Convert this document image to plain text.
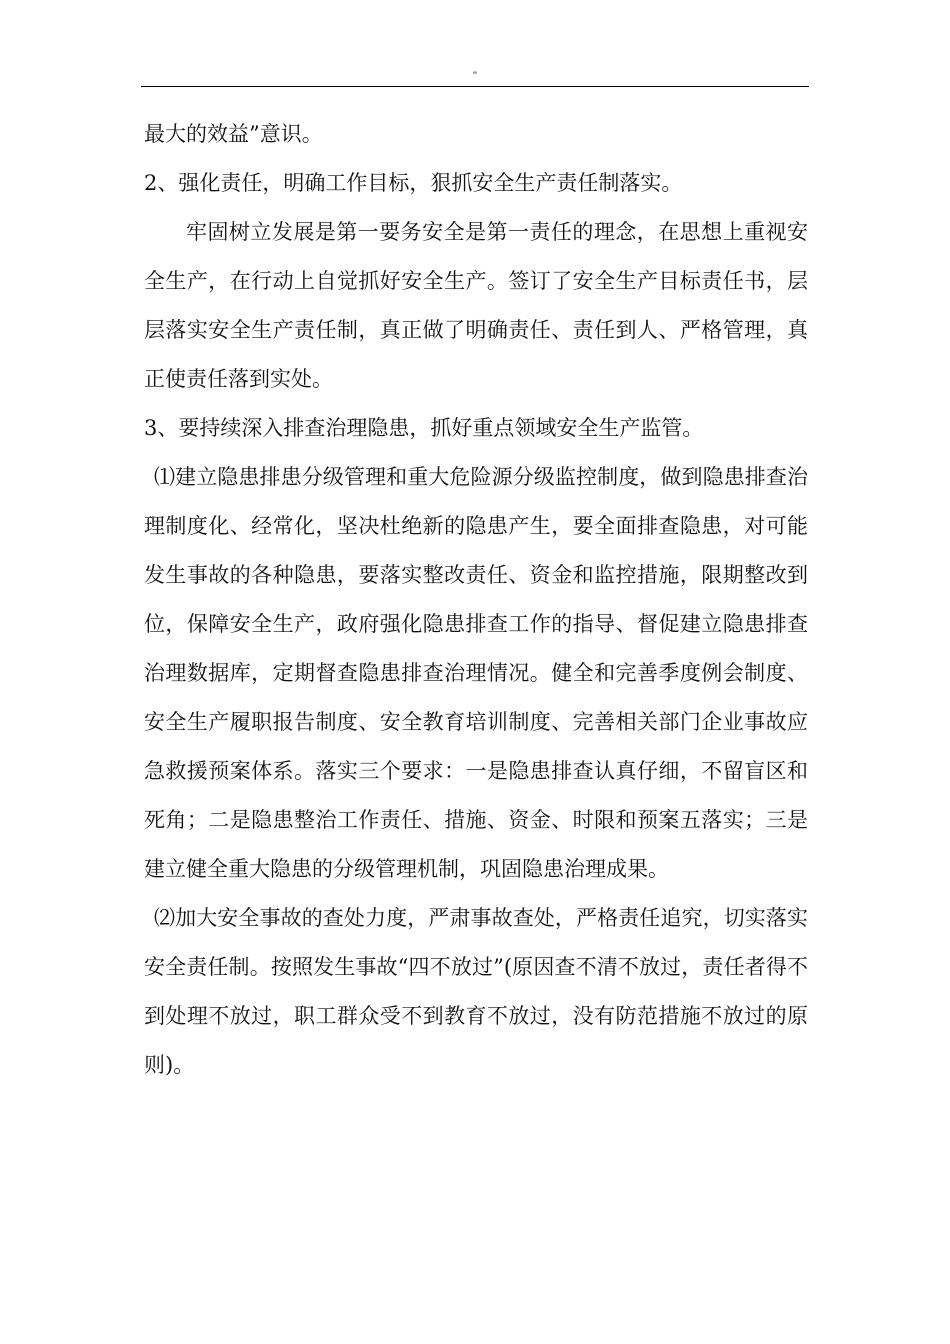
"

最大的效益”意识。

2、强化责任，明确工作目标，狠抓安全生产责任制落实。

牢固树立发展是第一要务安全是第一责任的理念，在思想上重视安全生产，在行动上自觉抓好安全生产。签订了安全生产目标责任书，层层落实安全生产责任制，真正做了明确责任、责任到人、严格管理，真正使责任落到实处。

3、要持续深入排查治理隐患，抓好重点领域安全生产监管。

⑴建立隐患排患分级管理和重大危险源分级监控制度，做到隐患排查治理制度化、经常化，坚决杜绝新的隐患产生，要全面排查隐患，对可能发生事故的各种隐患，要落实整改责任、资金和监控措施，限期整改到位，保障安全生产，政府强化隐患排查工作的指导、督促建立隐患排查治理数据库，定期督查隐患排查治理情况。健全和完善季度例会制度、安全生产履职报告制度、安全教育培训制度、完善相关部门企业事故应急救援预案体系。落实三个要求：一是隐患排查认真仔细，不留盲区和死角；二是隐患整治工作责任、措施、资金、时限和预案五落实；三是建立健全重大隐患的分级管理机制，巩固隐患治理成果。

⑵加大安全事故的查处力度，严肃事故查处，严格责任追究，切实落实安全责任制。按照发生事故“四不放过”(原因查不清不放过，责任者得不到处理不放过，职工群众受不到教育不放过，没有防范措施不放过的原则)。
